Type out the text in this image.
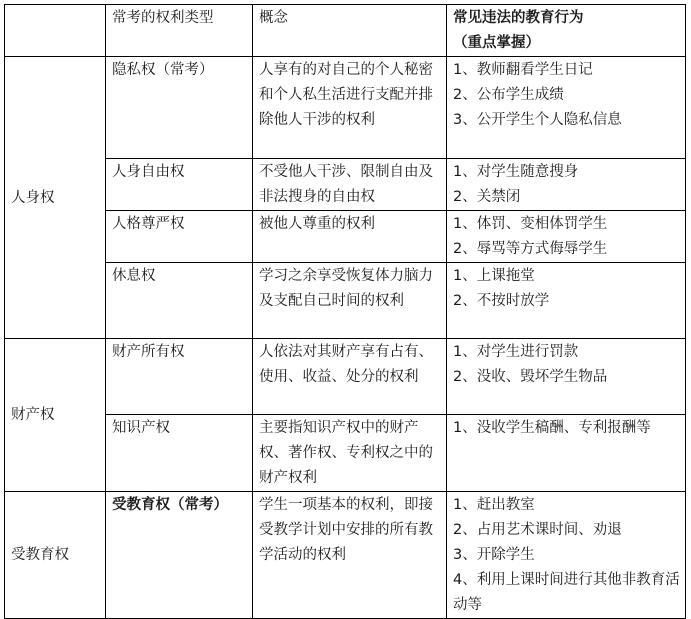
	常考的权利类型	概念	常见违法的教育行为
（重点掌握）

人身权	隐私权（常考）	人享有的对自己的个人秘密和个人私生活进行支配并排除他人干涉的权利	1、教师翻看学生日记
2、公布学生成绩
3、公开学生个人隐私信息

	人身自由权	不受他人干涉、限制自由及非法搜身的自由权	1、对学生随意搜身
2、关禁闭

	人格尊严权	被他人尊重的权利	1、体罚、变相体罚学生
2、辱骂等方式侮辱学生

	休息权	学习之余享受恢复体力脑力及支配自己时间的权利	1、上课拖堂
2、不按时放学

财产权	财产所有权	人依法对其财产享有占有、使用、收益、处分的权利	1、对学生进行罚款
2、没收、毁坏学生物品

	知识产权	主要指知识产权中的财产权、著作权、专利权之中的财产权利	1、没收学生稿酬、专利报酬等

受教育权	受教育权（常考）	学生一项基本的权利，即接受教学计划中安排的所有教学活动的权利	1、赶出教室
2、占用艺术课时间、劝退
3、开除学生
4、利用上课时间进行其他非教育活动等
